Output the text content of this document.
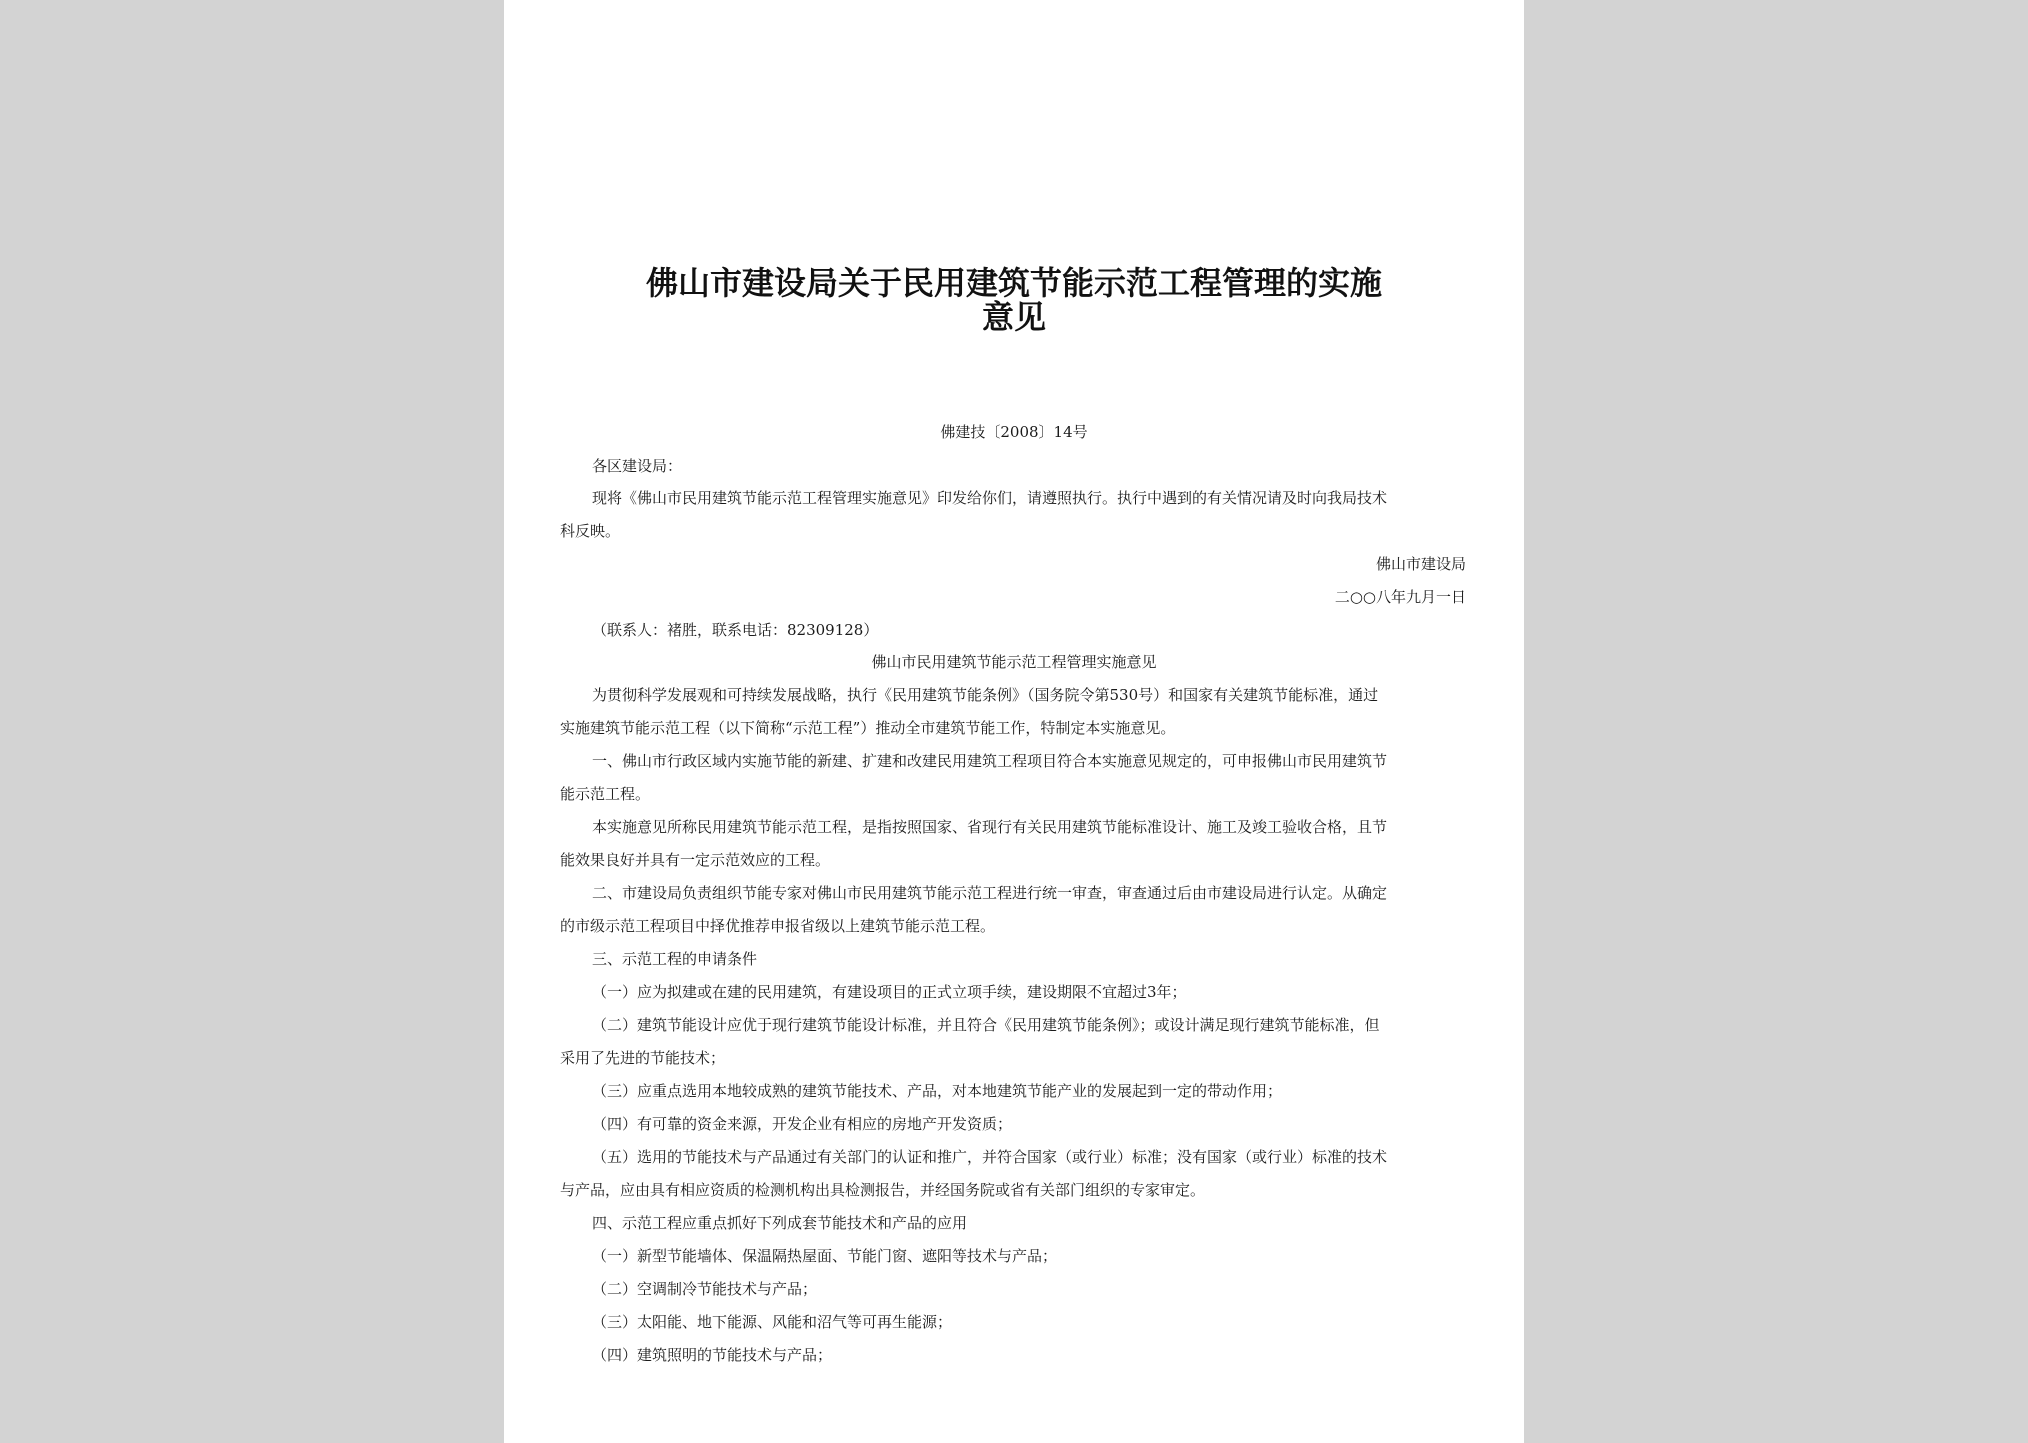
佛山市建设局关于民用建筑节能示范工程管理的实施
意见
佛建技〔2008〕14号
各区建设局：
现将《佛山市民用建筑节能示范工程管理实施意见》印发给你们，请遵照执行。执行中遇到的有关情况请及时向我局技术
科反映。
佛山市建设局
二○○八年九月一日
（联系人：褚胜，联系电话：82309128）
佛山市民用建筑节能示范工程管理实施意见
为贯彻科学发展观和可持续发展战略，执行《民用建筑节能条例》（国务院令第530号）和国家有关建筑节能标准，通过
实施建筑节能示范工程（以下简称“示范工程”）推动全市建筑节能工作，特制定本实施意见。
一、佛山市行政区域内实施节能的新建、扩建和改建民用建筑工程项目符合本实施意见规定的，可申报佛山市民用建筑节
能示范工程。
本实施意见所称民用建筑节能示范工程，是指按照国家、省现行有关民用建筑节能标准设计、施工及竣工验收合格，且节
能效果良好并具有一定示范效应的工程。
二、市建设局负责组织节能专家对佛山市民用建筑节能示范工程进行统一审查，审查通过后由市建设局进行认定。从确定
的市级示范工程项目中择优推荐申报省级以上建筑节能示范工程。
三、示范工程的申请条件
（一）应为拟建或在建的民用建筑，有建设项目的正式立项手续，建设期限不宜超过3年；
（二）建筑节能设计应优于现行建筑节能设计标准，并且符合《民用建筑节能条例》；或设计满足现行建筑节能标准，但
采用了先进的节能技术；
（三）应重点选用本地较成熟的建筑节能技术、产品，对本地建筑节能产业的发展起到一定的带动作用；
（四）有可靠的资金来源，开发企业有相应的房地产开发资质；
（五）选用的节能技术与产品通过有关部门的认证和推广，并符合国家（或行业）标准；没有国家（或行业）标准的技术
与产品，应由具有相应资质的检测机构出具检测报告，并经国务院或省有关部门组织的专家审定。
四、示范工程应重点抓好下列成套节能技术和产品的应用
（一）新型节能墙体、保温隔热屋面、节能门窗、遮阳等技术与产品；
（二）空调制冷节能技术与产品；
（三）太阳能、地下能源、风能和沼气等可再生能源；
（四）建筑照明的节能技术与产品；
